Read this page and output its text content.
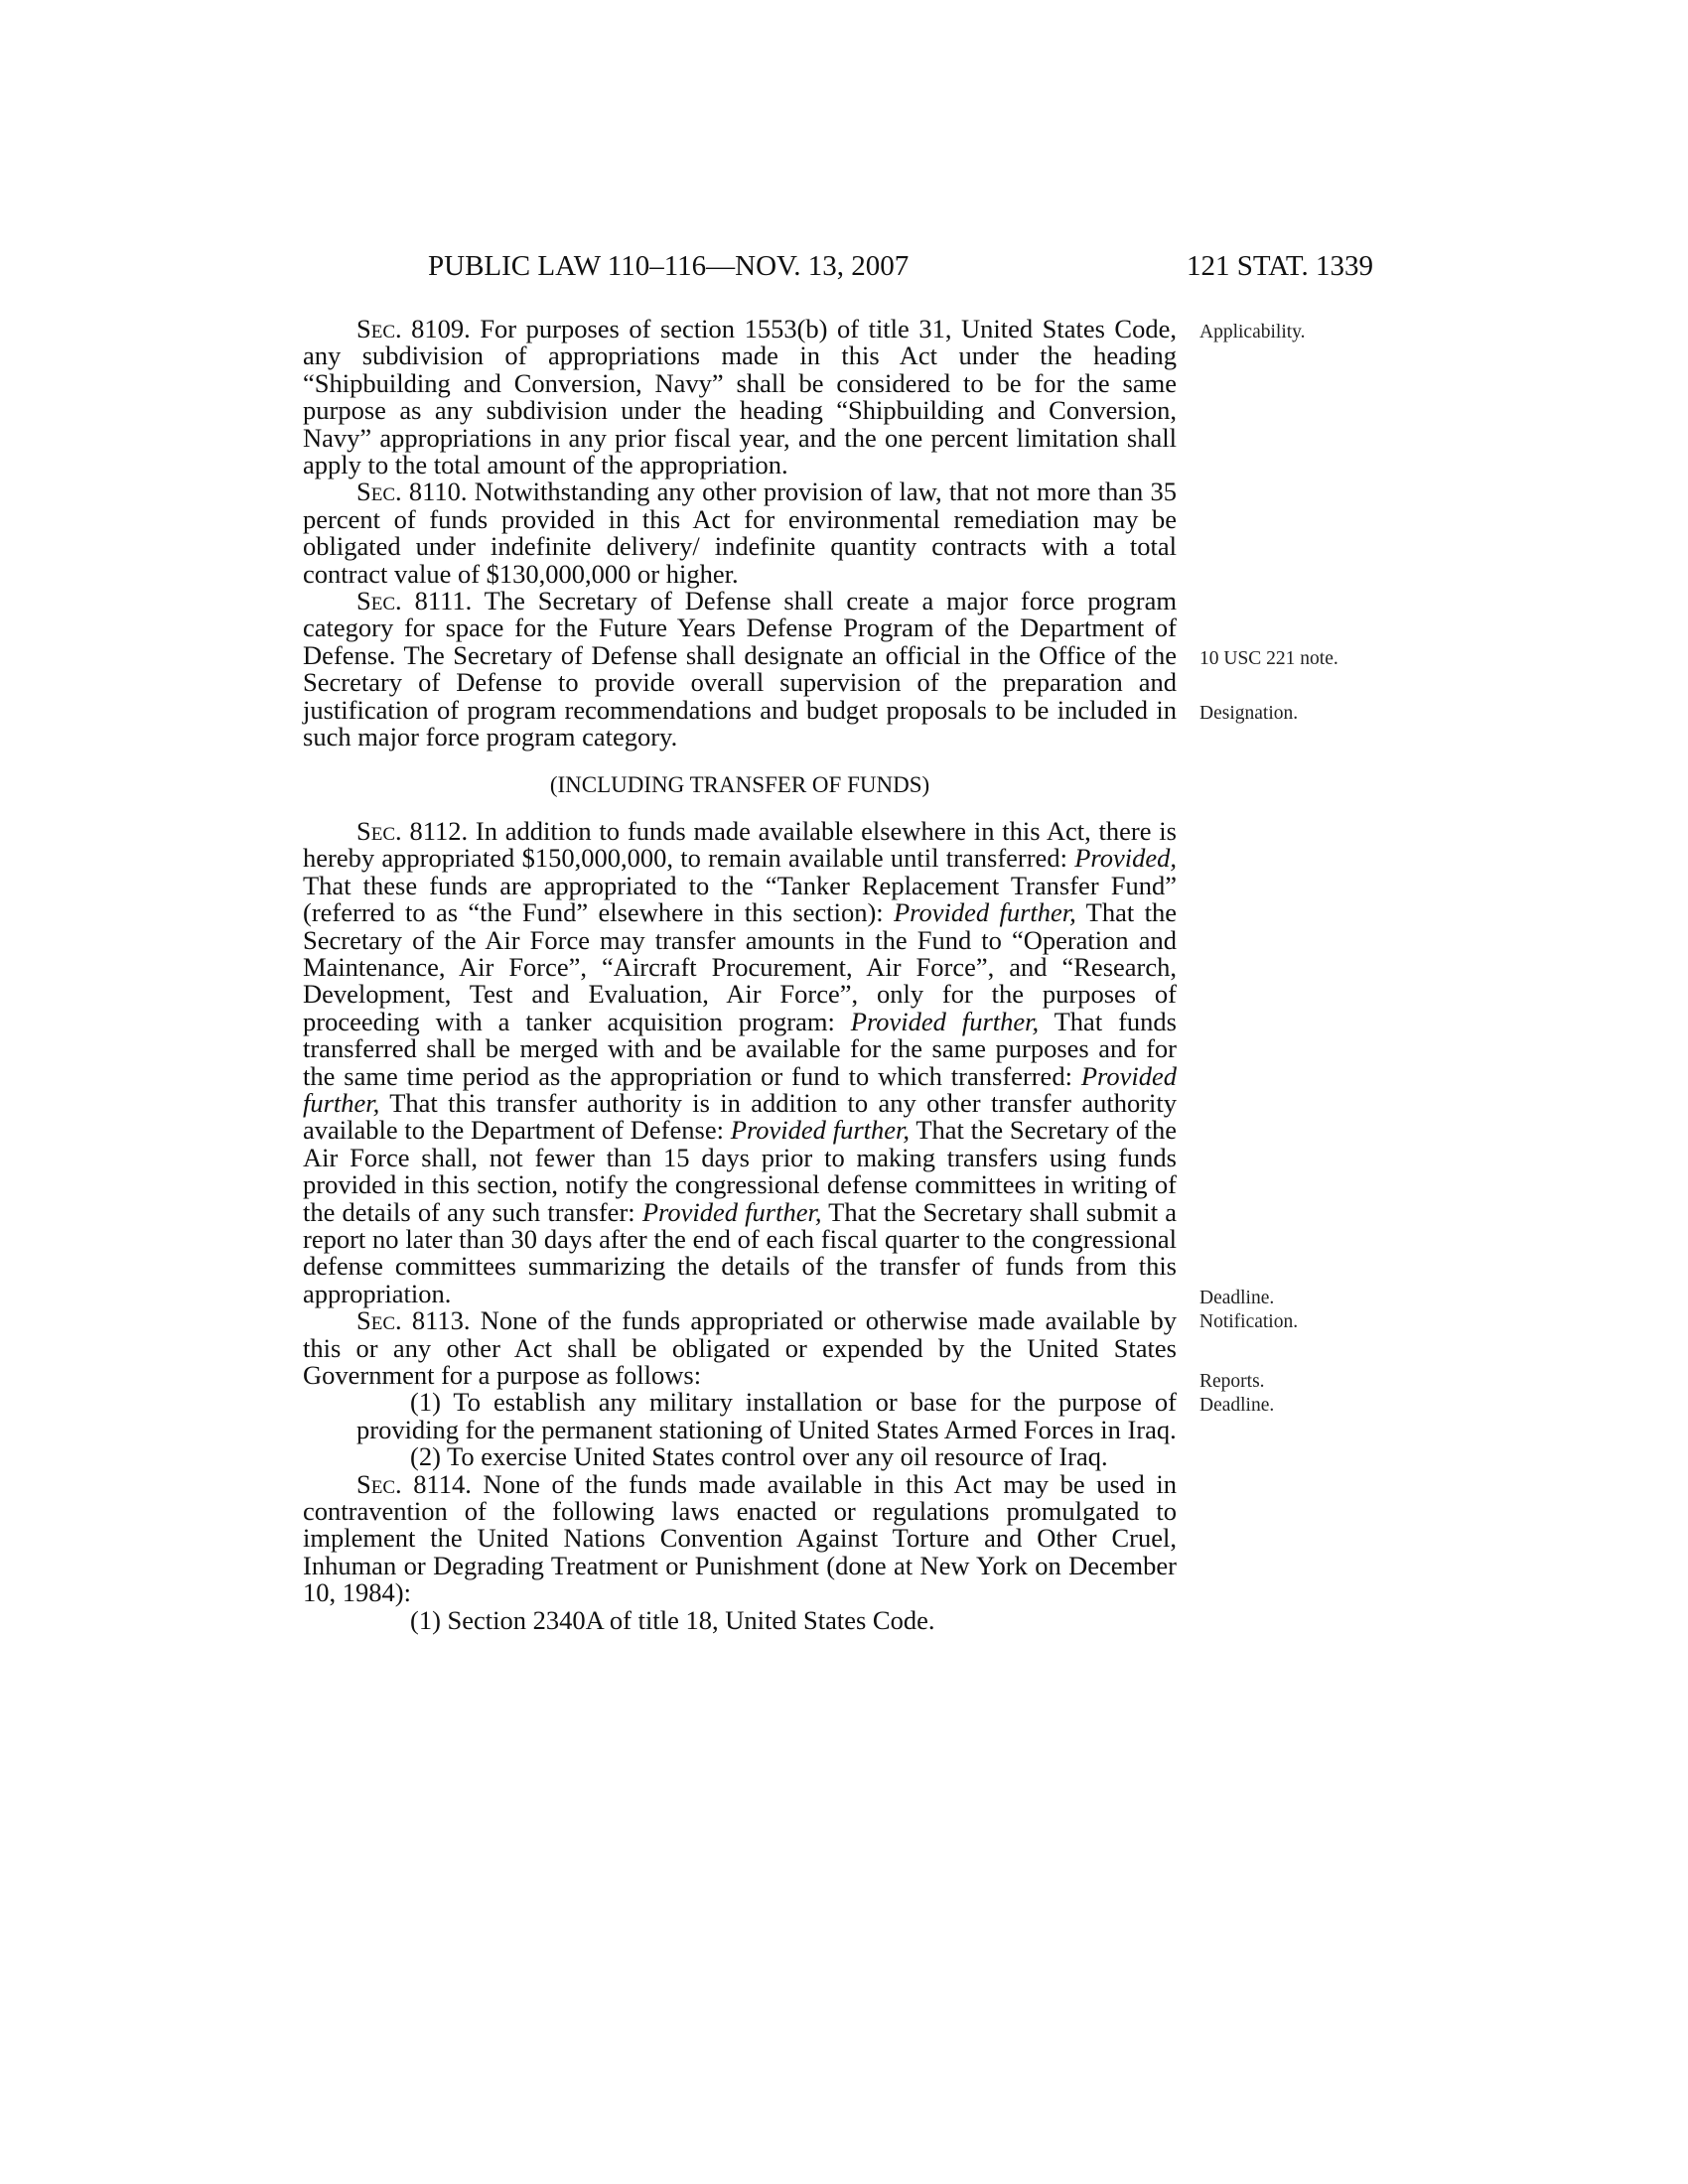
PUBLIC LAW 110–116—NOV. 13, 2007	121 STAT. 1339

Sec. 8109. For purposes of section 1553(b) of title 31, United States Code, any subdivision of appropriations made in this Act under the heading “Shipbuilding and Conversion, Navy” shall be considered to be for the same purpose as any subdivision under the heading “Shipbuilding and Conversion, Navy” appropriations in any prior fiscal year, and the one percent limitation shall apply to the total amount of the appropriation.

Sec. 8110. Notwithstanding any other provision of law, that not more than 35 percent of funds provided in this Act for environmental remediation may be obligated under indefinite delivery/ indefinite quantity contracts with a total contract value of $130,000,000 or higher.

Sec. 8111. The Secretary of Defense shall create a major force program category for space for the Future Years Defense Program of the Department of Defense. The Secretary of Defense shall designate an official in the Office of the Secretary of Defense to provide overall supervision of the preparation and justification of program recommendations and budget proposals to be included in such major force program category.

(INCLUDING TRANSFER OF FUNDS)

Sec. 8112. In addition to funds made available elsewhere in this Act, there is hereby appropriated $150,000,000, to remain available until transferred: Provided, That these funds are appropriated to the “Tanker Replacement Transfer Fund” (referred to as “the Fund” elsewhere in this section): Provided further, That the Secretary of the Air Force may transfer amounts in the Fund to “Operation and Maintenance, Air Force”, “Aircraft Procurement, Air Force”, and “Research, Development, Test and Evaluation, Air Force”, only for the purposes of proceeding with a tanker acquisition program: Provided further, That funds transferred shall be merged with and be available for the same purposes and for the same time period as the appropriation or fund to which transferred: Provided further, That this transfer authority is in addition to any other transfer authority available to the Department of Defense: Provided further, That the Secretary of the Air Force shall, not fewer than 15 days prior to making transfers using funds provided in this section, notify the congressional defense committees in writing of the details of any such transfer: Provided further, That the Secretary shall submit a report no later than 30 days after the end of each fiscal quarter to the congressional defense committees summarizing the details of the transfer of funds from this appropriation.

Sec. 8113. None of the funds appropriated or otherwise made available by this or any other Act shall be obligated or expended by the United States Government for a purpose as follows:

(1) To establish any military installation or base for the purpose of providing for the permanent stationing of United States Armed Forces in Iraq.

(2) To exercise United States control over any oil resource of Iraq.

Sec. 8114. None of the funds made available in this Act may be used in contravention of the following laws enacted or regulations promulgated to implement the United Nations Convention Against Torture and Other Cruel, Inhuman or Degrading Treatment or Punishment (done at New York on December 10, 1984):

(1) Section 2340A of title 18, United States Code.

Applicability.
10 USC 221 note.
Designation.
Deadline.
Notification.
Reports.
Deadline.
